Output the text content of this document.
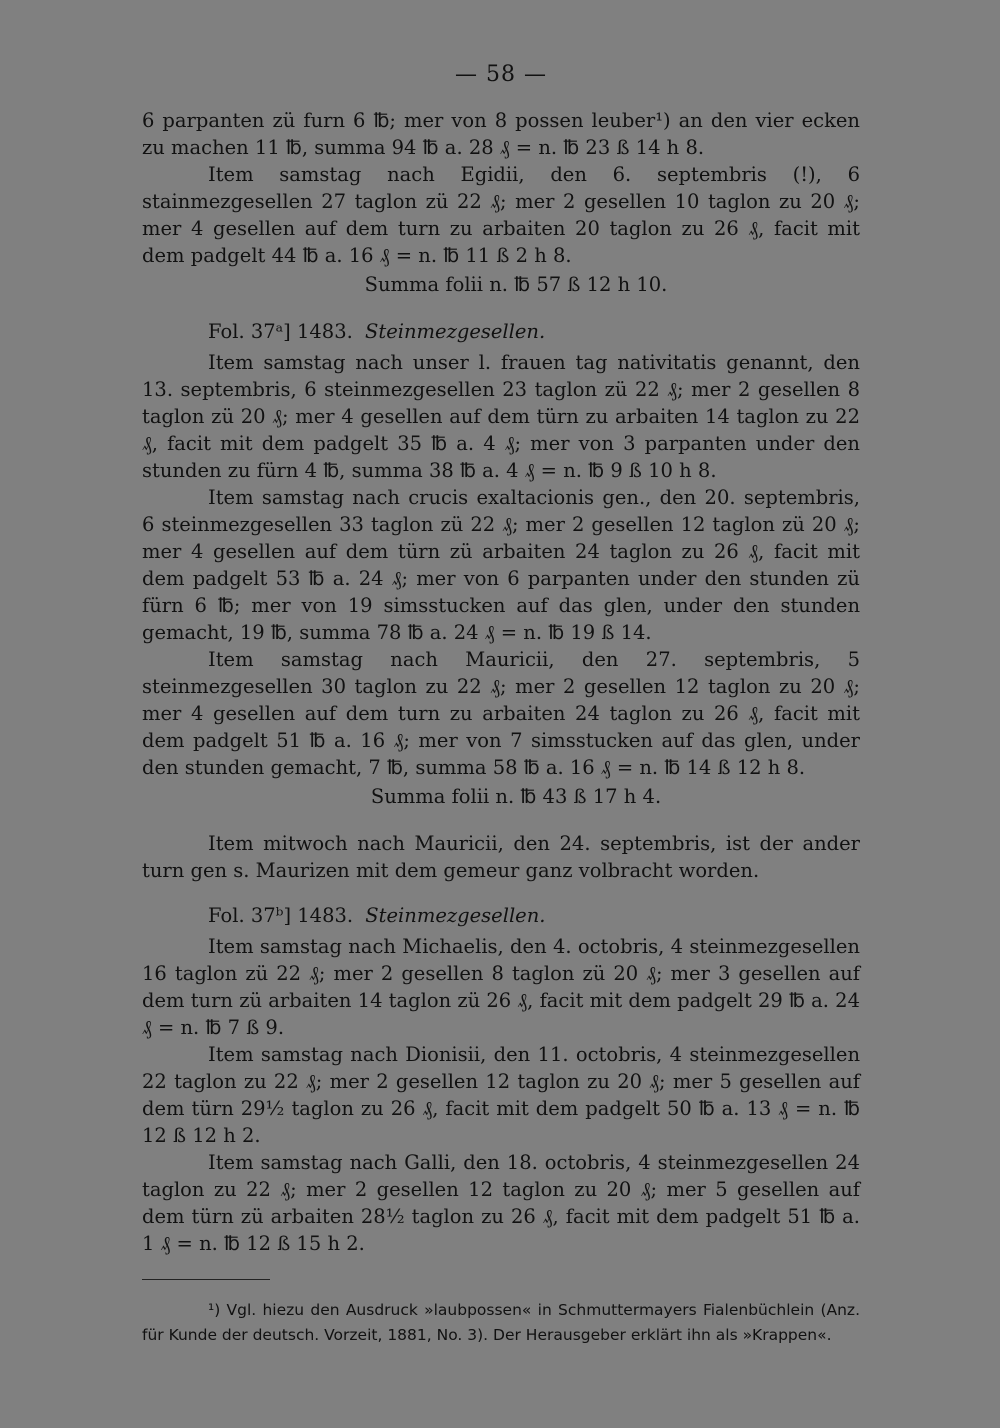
— 58 —

6 parpanten zü furn 6 ℔; mer von 8 possen leuber¹) an den vier ecken zu machen 11 ℔, summa 94 ℔ a. 28 ₰ = n. ℔ 23 ß 14 h 8.

Item samstag nach Egidii, den 6. septembris (!), 6 stainmezgesellen 27 taglon zü 22 ₰; mer 2 gesellen 10 taglon zu 20 ₰; mer 4 gesellen auf dem turn zu arbaiten 20 taglon zu 26 ₰, facit mit dem padgelt 44 ℔ a. 16 ₰ = n. ℔ 11 ß 2 h 8.

Summa folii n. ℔ 57 ß 12 h 10.

Fol. 37ᵃ] 1483. Steinmezgesellen.

Item samstag nach unser l. frauen tag nativitatis genannt, den 13. septembris, 6 steinmezgesellen 23 taglon zü 22 ₰; mer 2 gesellen 8 taglon zü 20 ₰; mer 4 gesellen auf dem türn zu arbaiten 14 taglon zu 22 ₰, facit mit dem padgelt 35 ℔ a. 4 ₰; mer von 3 parpanten under den stunden zu fürn 4 ℔, summa 38 ℔ a. 4 ₰ = n. ℔ 9 ß 10 h 8.

Item samstag nach crucis exaltacionis gen., den 20. septembris, 6 steinmezgesellen 33 taglon zü 22 ₰; mer 2 gesellen 12 taglon zü 20 ₰; mer 4 gesellen auf dem türn zü arbaiten 24 taglon zu 26 ₰, facit mit dem padgelt 53 ℔ a. 24 ₰; mer von 6 parpanten under den stunden zü fürn 6 ℔; mer von 19 simsstucken auf das glen, under den stunden gemacht, 19 ℔, summa 78 ℔ a. 24 ₰ = n. ℔ 19 ß 14.

Item samstag nach Mauricii, den 27. septembris, 5 steinmezgesellen 30 taglon zu 22 ₰; mer 2 gesellen 12 taglon zu 20 ₰; mer 4 gesellen auf dem turn zu arbaiten 24 taglon zu 26 ₰, facit mit dem padgelt 51 ℔ a. 16 ₰; mer von 7 simsstucken auf das glen, under den stunden gemacht, 7 ℔, summa 58 ℔ a. 16 ₰ = n. ℔ 14 ß 12 h 8.

Summa folii n. ℔ 43 ß 17 h 4.

Item mitwoch nach Mauricii, den 24. septembris, ist der ander turn gen s. Maurizen mit dem gemeur ganz volbracht worden.

Fol. 37ᵇ] 1483. Steinmezgesellen.

Item samstag nach Michaelis, den 4. octobris, 4 steinmezgesellen 16 taglon zü 22 ₰; mer 2 gesellen 8 taglon zü 20 ₰; mer 3 gesellen auf dem turn zü arbaiten 14 taglon zü 26 ₰, facit mit dem padgelt 29 ℔ a. 24 ₰ = n. ℔ 7 ß 9.

Item samstag nach Dionisii, den 11. octobris, 4 steinmezgesellen 22 taglon zu 22 ₰; mer 2 gesellen 12 taglon zu 20 ₰; mer 5 gesellen auf dem türn 29½ taglon zu 26 ₰, facit mit dem padgelt 50 ℔ a. 13 ₰ = n. ℔ 12 ß 12 h 2.

Item samstag nach Galli, den 18. octobris, 4 steinmezgesellen 24 taglon zu 22 ₰; mer 2 gesellen 12 taglon zu 20 ₰; mer 5 gesellen auf dem türn zü arbaiten 28½ taglon zu 26 ₰, facit mit dem padgelt 51 ℔ a. 1 ₰ = n. ℔ 12 ß 15 h 2.

¹) Vgl. hiezu den Ausdruck »laubpossen« in Schmuttermayers Fialenbüchlein (Anz. für Kunde der deutsch. Vorzeit, 1881, No. 3). Der Herausgeber erklärt ihn als »Krappen«.
